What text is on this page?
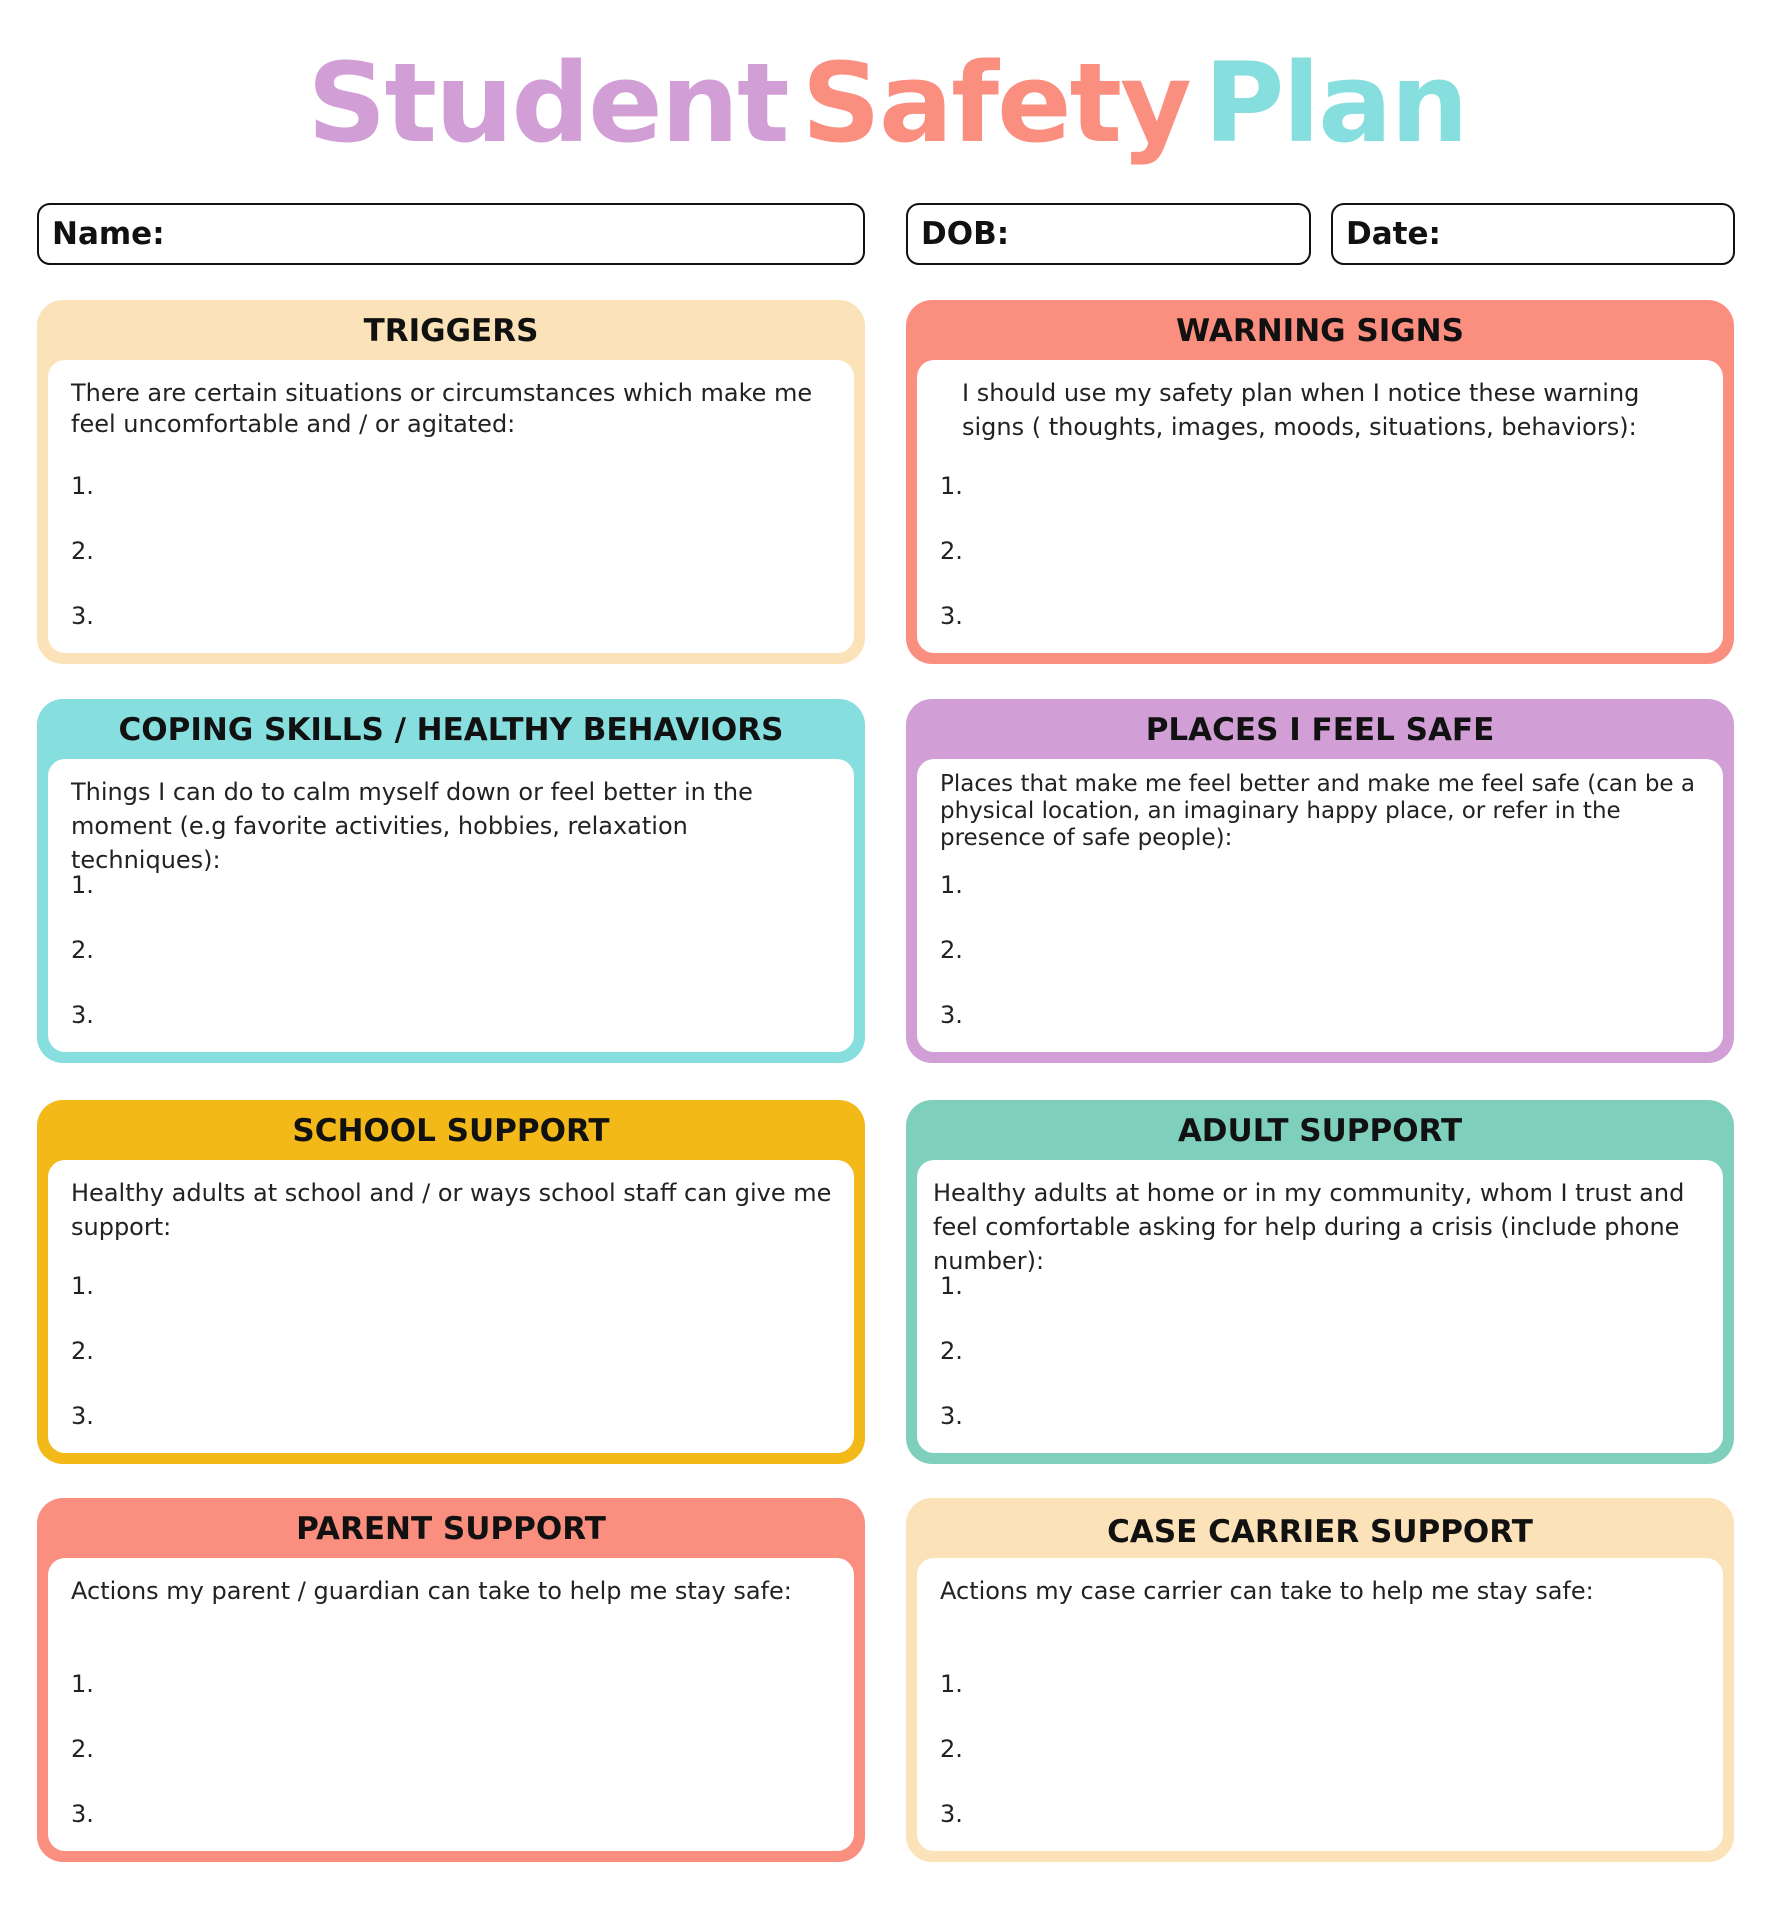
Student Safety Plan
Name:	DOB:	Date:
TRIGGERS
There are certain situations or circumstances which make me feel uncomfortable and / or agitated:
1.
2.
3.
WARNING SIGNS
I should use my safety plan when I notice these warning signs ( thoughts, images, moods, situations, behaviors):
1.
2.
3.
COPING SKILLS / HEALTHY BEHAVIORS
Things I can do to calm myself down or feel better in the moment (e.g favorite activities, hobbies, relaxation techniques):
1.
2.
3.
PLACES I FEEL SAFE
Places that make me feel better and make me feel safe (can be a physical location, an imaginary happy place, or refer in the presence of safe people):
1.
2.
3.
SCHOOL SUPPORT
Healthy adults at school and / or ways school staff can give me support:
1.
2.
3.
ADULT SUPPORT
Healthy adults at home or in my community, whom I trust and feel comfortable asking for help during a crisis (include phone number):
1.
2.
3.
PARENT SUPPORT
Actions my parent / guardian can take to help me stay safe:
1.
2.
3.
CASE CARRIER SUPPORT
Actions my case carrier can take to help me stay safe:
1.
2.
3.
